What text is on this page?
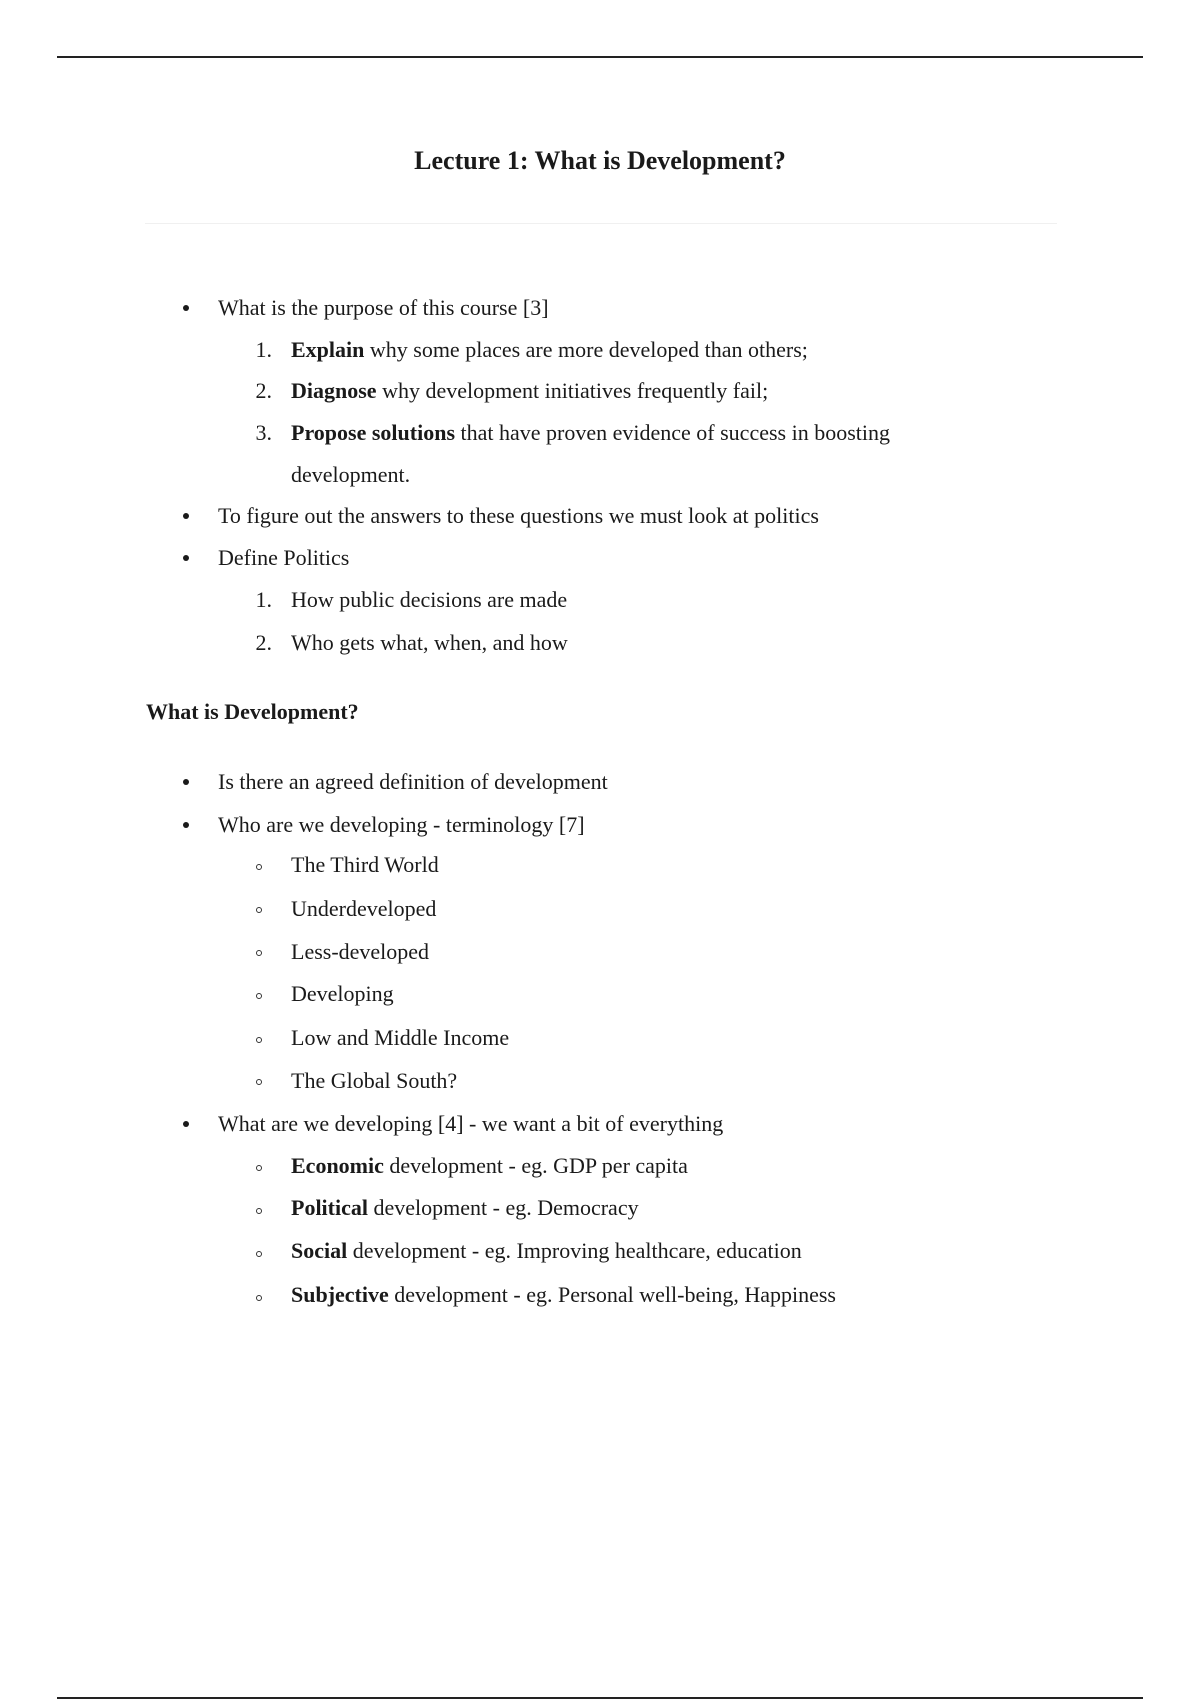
Lecture 1: What is Development?
What is the purpose of this course [3]
1. Explain why some places are more developed than others;
2. Diagnose why development initiatives frequently fail;
3. Propose solutions that have proven evidence of success in boosting
development.
To figure out the answers to these questions we must look at politics
Define Politics
1. How public decisions are made
2. Who gets what, when, and how
What is Development?
Is there an agreed definition of development
Who are we developing - terminology [7]
The Third World
Underdeveloped
Less-developed
Developing
Low and Middle Income
The Global South?
What are we developing [4] - we want a bit of everything
Economic development - eg. GDP per capita
Political development - eg. Democracy
Social development - eg. Improving healthcare, education
Subjective development - eg. Personal well-being, Happiness
